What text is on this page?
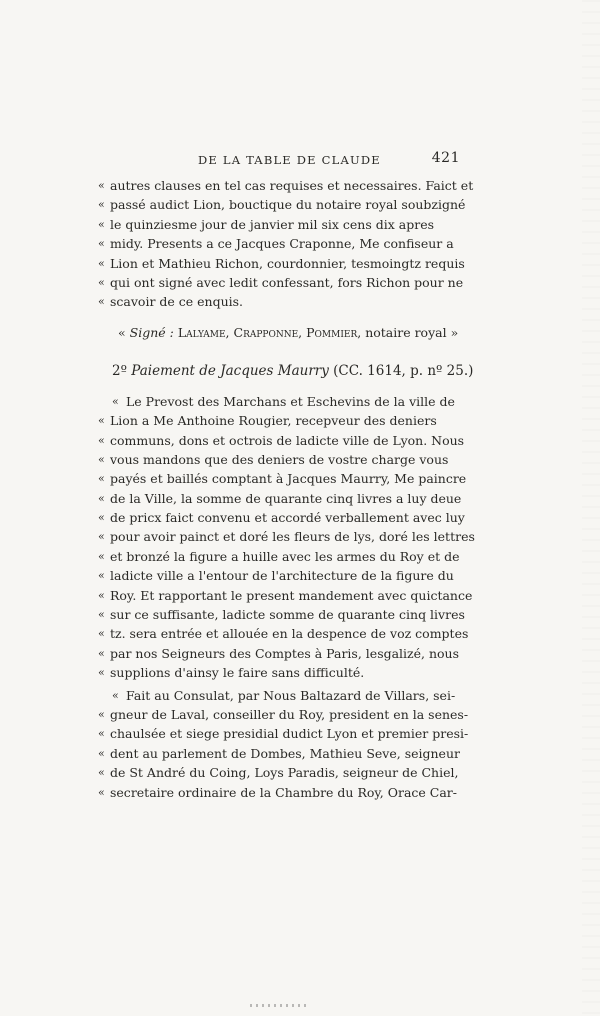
DE LA TABLE DE CLAUDE	421
« autres clauses en tel cas requises et necessaires. Faict et
« passé audict Lion, bouctique du notaire royal soubzigné
« le quinziesme jour de janvier mil six cens dix apres
« midy. Presents a ce Jacques Craponne, Me confiseur a
« Lion et Mathieu Richon, courdonnier, tesmoingtz requis
« qui ont signé avec ledit confessant, fors Richon pour ne
« scavoir de ce enquis.
« Signé : Lalyame, Crapponne, Pommier, notaire royal »
2º Paiement de Jacques Maurry (CC. 1614, p. nº 25.)
« Le Prevost des Marchans et Eschevins de la ville de
« Lion a Me Anthoine Rougier, recepveur des deniers
« communs, dons et octrois de ladicte ville de Lyon. Nous
« vous mandons que des deniers de vostre charge vous
« payés et baillés comptant à Jacques Maurry, Me paincre
« de la Ville, la somme de quarante cinq livres a luy deue
« de pricx faict convenu et accordé verballement avec luy
« pour avoir painct et doré les fleurs de lys, doré les lettres
« et bronzé la figure a huille avec les armes du Roy et de
« ladicte ville a l'entour de l'architecture de la figure du
« Roy. Et rapportant le present mandement avec quictance
« sur ce suffisante, ladicte somme de quarante cinq livres
« tz. sera entrée et allouée en la despence de voz comptes
« par nos Seigneurs des Comptes à Paris, lesgalizé, nous
« supplions d'ainsy le faire sans difficulté.
« Fait au Consulat, par Nous Baltazard de Villars, sei-
« gneur de Laval, conseiller du Roy, president en la senes-
« chaulsée et siege presidial dudict Lyon et premier presi-
« dent au parlement de Dombes, Mathieu Seve, seigneur
« de St André du Coing, Loys Paradis, seigneur de Chiel,
« secretaire ordinaire de la Chambre du Roy, Orace Car-
